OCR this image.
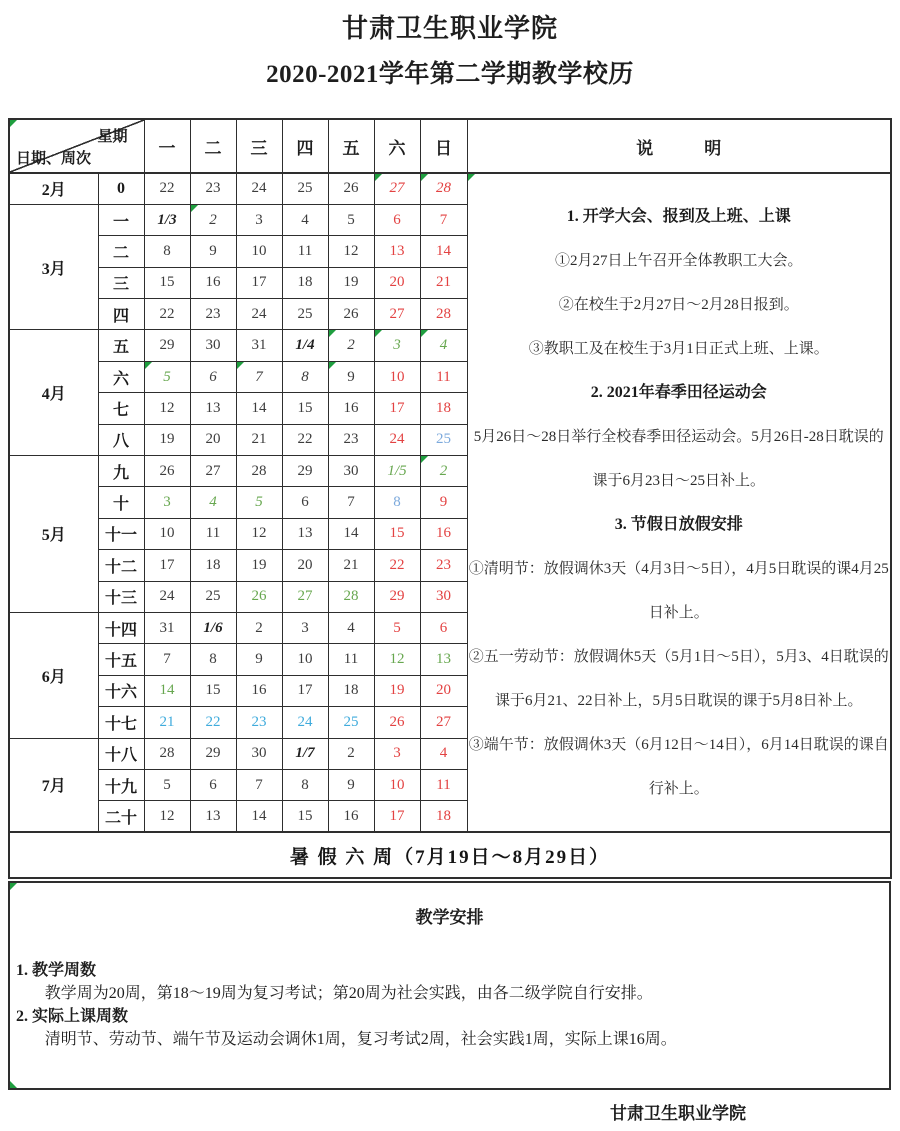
甘肃卫生职业学院
2020-2021学年第二学期教学校历
星期
日期、周次		一	二	三	四	五	六	日	说　　　明
2月	0	22	23	24	25	26	27	28	

1. 开学大会、报到及上班、上课

①2月27日上午召开全体教职工大会。

②在校生于2月27日～2月28日报到。

③教职工及在校生于3月1日正式上班、上课。

2. 2021年春季田径运动会

5月26日～28日举行全校春季田径运动会。5月26日-28日耽误的课于6月23日～25日补上。

3. 节假日放假安排

①清明节：放假调休3天（4月3日～5日），4月5日耽误的课4月25日补上。

②五一劳动节：放假调休5天（5月1日～5日），5月3、4日耽误的课于6月21、22日补上，5月5日耽误的课于5月8日补上。

③端午节：放假调休3天（6月12日～14日），6月14日耽误的课自行补上。

3月	一	1/3	2	3	4	5	6	7	
	二	8	9	10	11	12	13	14	
	三	15	16	17	18	19	20	21	
	四	22	23	24	25	26	27	28	
4月	五	29	30	31	1/4	2	3	4	
	六	5	6	7	8	9	10	11	
	七	12	13	14	15	16	17	18	
	八	19	20	21	22	23	24	25	
5月	九	26	27	28	29	30	1/5	2	
	十	3	4	5	6	7	8	9	
	十一	10	11	12	13	14	15	16	
	十二	17	18	19	20	21	22	23	
	十三	24	25	26	27	28	29	30	
6月	十四	31	1/6	2	3	4	5	6	
	十五	7	8	9	10	11	12	13	
	十六	14	15	16	17	18	19	20	
	十七	21	22	23	24	25	26	27	
7月	十八	28	29	30	1/7	2	3	4	
	十九	5	6	7	8	9	10	11	
	二十	12	13	14	15	16	17	18	
暑 假 六 周（7月19日～8月29日）									
教学安排

1. 教学周数

教学周为20周，第18～19周为复习考试；第20周为社会实践，由各二级学院自行安排。

2. 实际上课周数

清明节、劳动节、端午节及运动会调休1周，复习考试2周，社会实践1周，实际上课16周。

甘肃卫生职业学院
